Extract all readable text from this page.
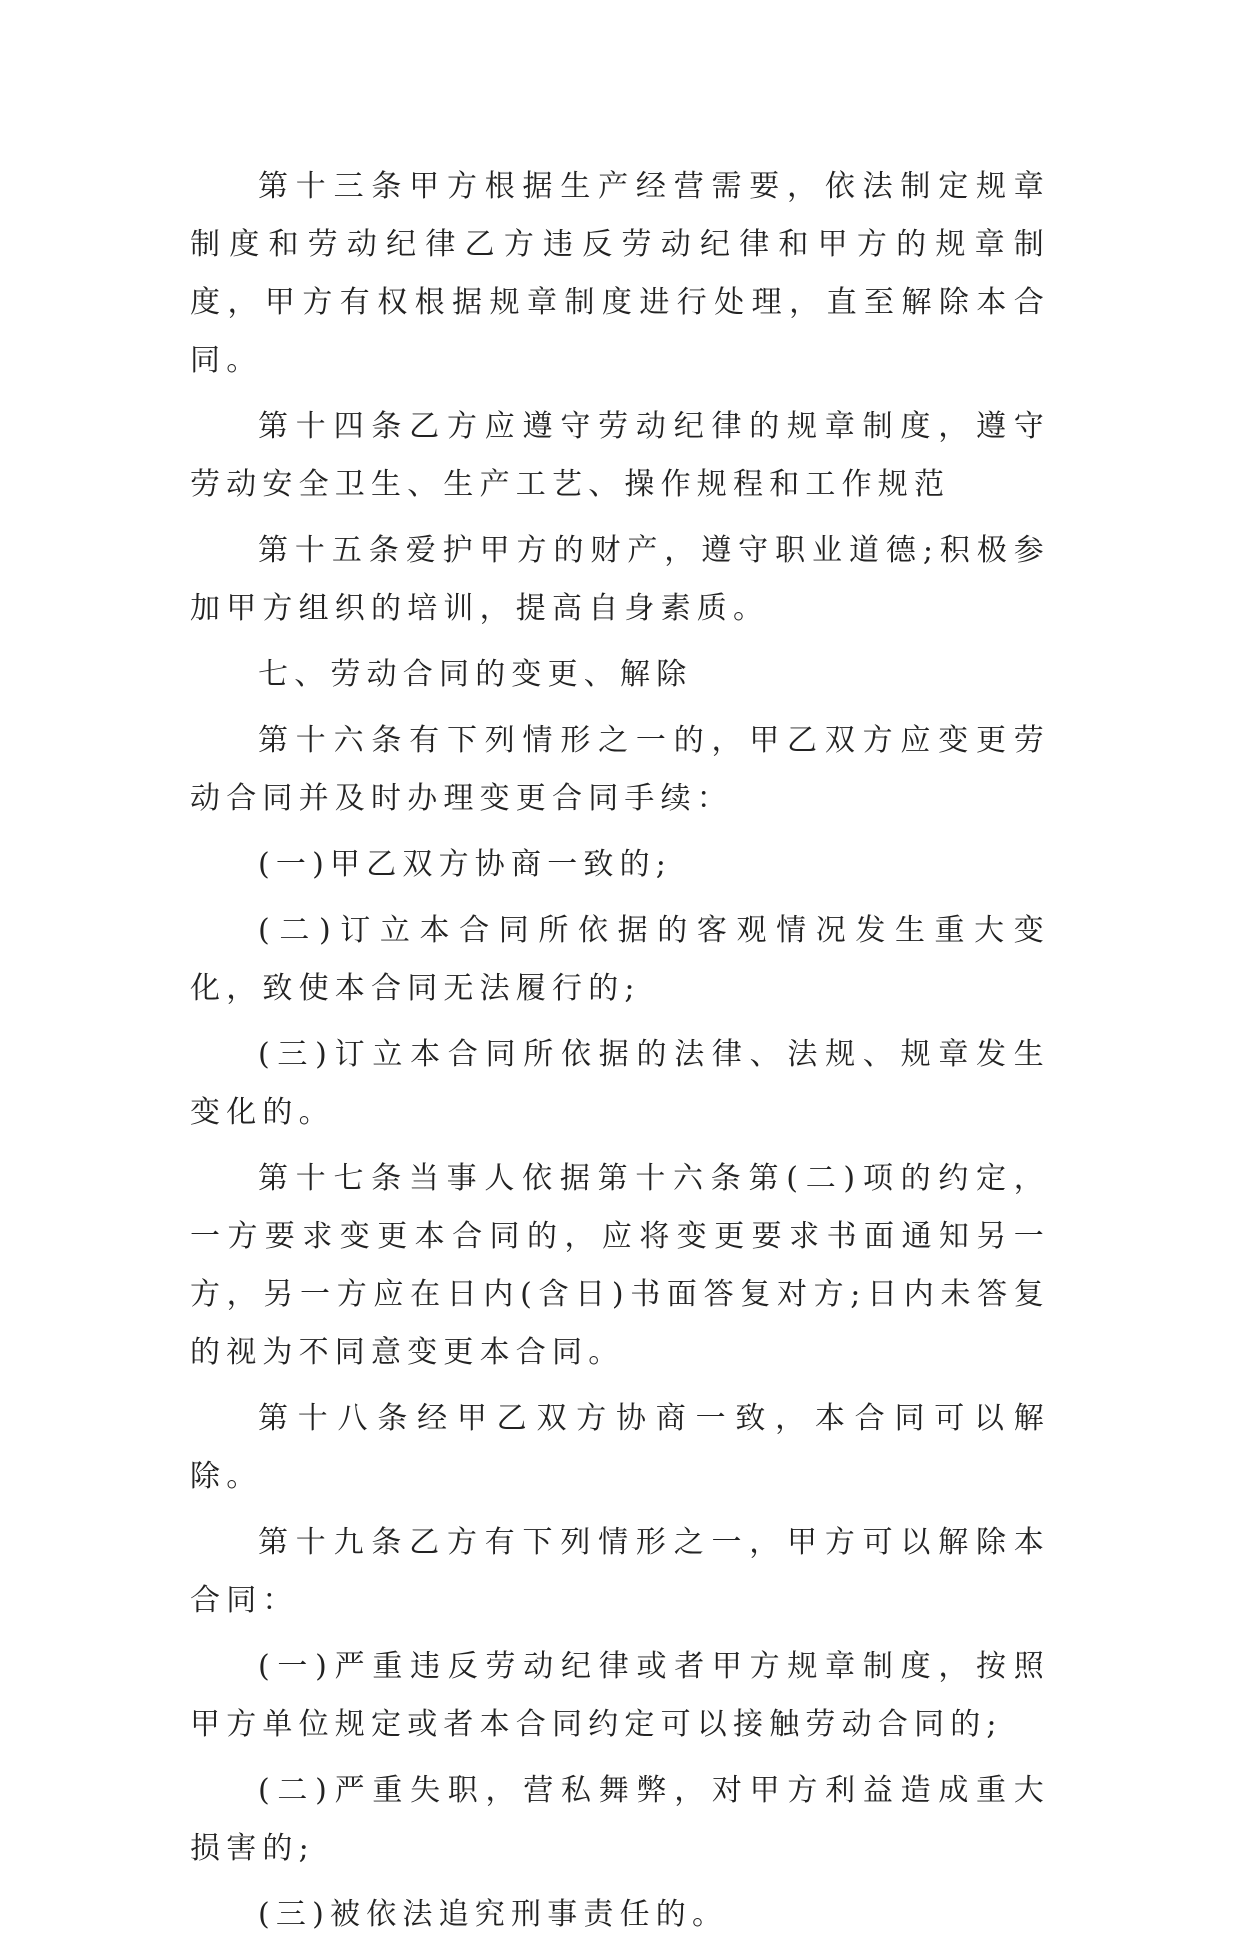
第十三条甲方根据生产经营需要，依法制定规章制度和劳动纪律乙方违反劳动纪律和甲方的规章制度，甲方有权根据规章制度进行处理，直至解除本合同。

第十四条乙方应遵守劳动纪律的规章制度，遵守劳动安全卫生、生产工艺、操作规程和工作规范

第十五条爱护甲方的财产，遵守职业道德;积极参加甲方组织的培训，提高自身素质。

七、劳动合同的变更、解除

第十六条有下列情形之一的，甲乙双方应变更劳动合同并及时办理变更合同手续：

(一)甲乙双方协商一致的;

(二)订立本合同所依据的客观情况发生重大变化，致使本合同无法履行的;

(三)订立本合同所依据的法律、法规、规章发生变化的。

第十七条当事人依据第十六条第(二)项的约定，一方要求变更本合同的，应将变更要求书面通知另一方，另一方应在日内(含日)书面答复对方;日内未答复的视为不同意变更本合同。

第十八条经甲乙双方协商一致，本合同可以解除。

第十九条乙方有下列情形之一，甲方可以解除本合同：

(一)严重违反劳动纪律或者甲方规章制度，按照甲方单位规定或者本合同约定可以接触劳动合同的;

(二)严重失职，营私舞弊，对甲方利益造成重大损害的;

(三)被依法追究刑事责任的。
